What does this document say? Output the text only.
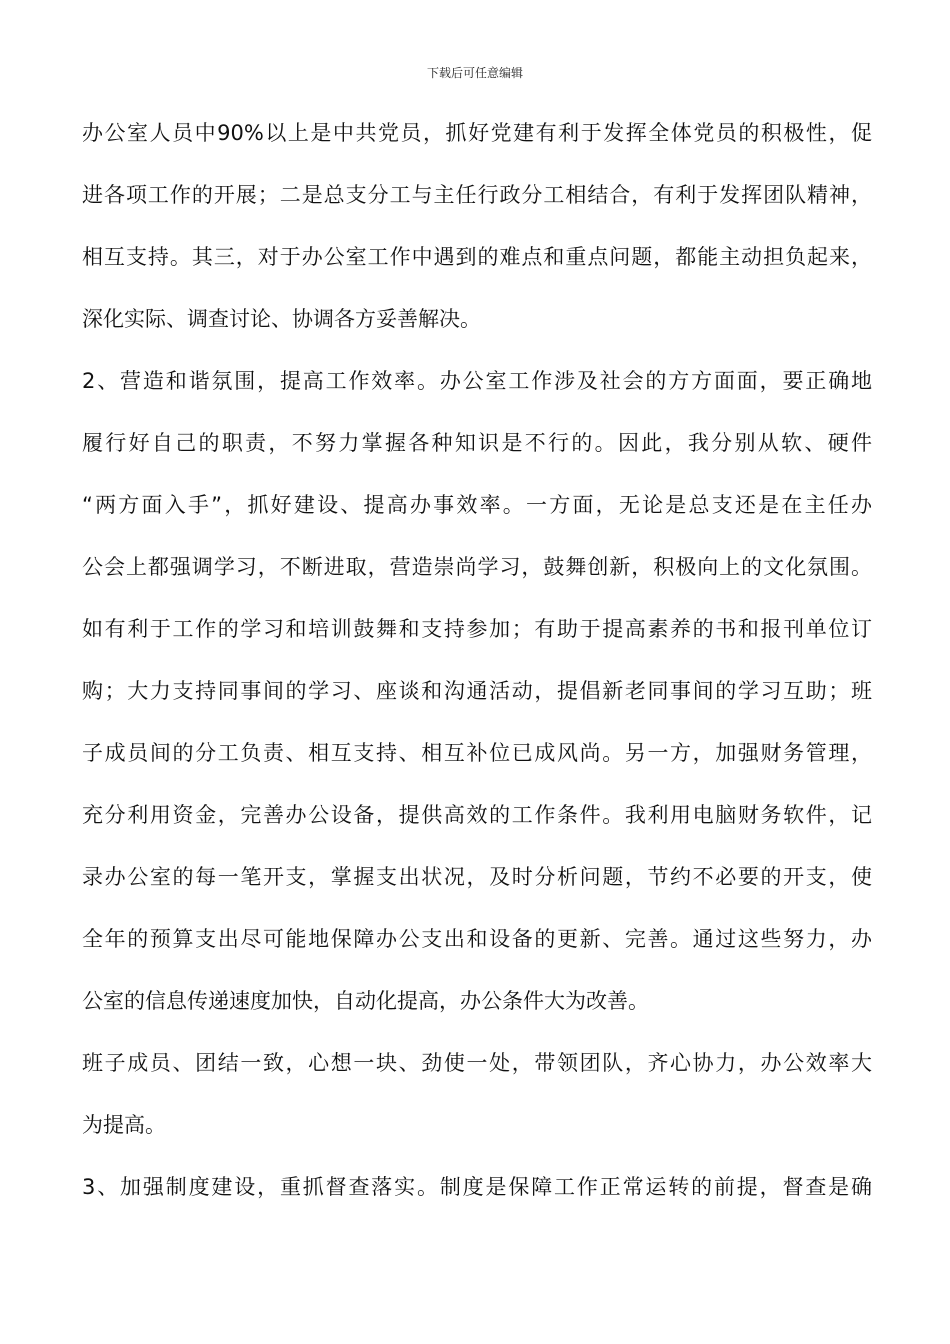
下载后可任意编辑
办公室人员中90%以上是中共党员，抓好党建有利于发挥全体党员的积极性，促
进各项工作的开展；二是总支分工与主任行政分工相结合，有利于发挥团队精神，
相互支持。其三，对于办公室工作中遇到的难点和重点问题，都能主动担负起来，
深化实际、调查讨论、协调各方妥善解决。
2、营造和谐氛围，提高工作效率。办公室工作涉及社会的方方面面，要正确地
履行好自己的职责，不努力掌握各种知识是不行的。因此，我分别从软、硬件
“两方面入手”，抓好建设、提高办事效率。一方面，无论是总支还是在主任办
公会上都强调学习，不断进取，营造崇尚学习，鼓舞创新，积极向上的文化氛围。
如有利于工作的学习和培训鼓舞和支持参加；有助于提高素养的书和报刊单位订
购；大力支持同事间的学习、座谈和沟通活动，提倡新老同事间的学习互助；班
子成员间的分工负责、相互支持、相互补位已成风尚。另一方，加强财务管理，
充分利用资金，完善办公设备，提供高效的工作条件。我利用电脑财务软件，记
录办公室的每一笔开支，掌握支出状况，及时分析问题，节约不必要的开支，使
全年的预算支出尽可能地保障办公支出和设备的更新、完善。通过这些努力，办
公室的信息传递速度加快，自动化提高，办公条件大为改善。
班子成员、团结一致，心想一块、劲使一处，带领团队，齐心协力，办公效率大
为提高。
3、加强制度建设，重抓督查落实。制度是保障工作正常运转的前提，督查是确
